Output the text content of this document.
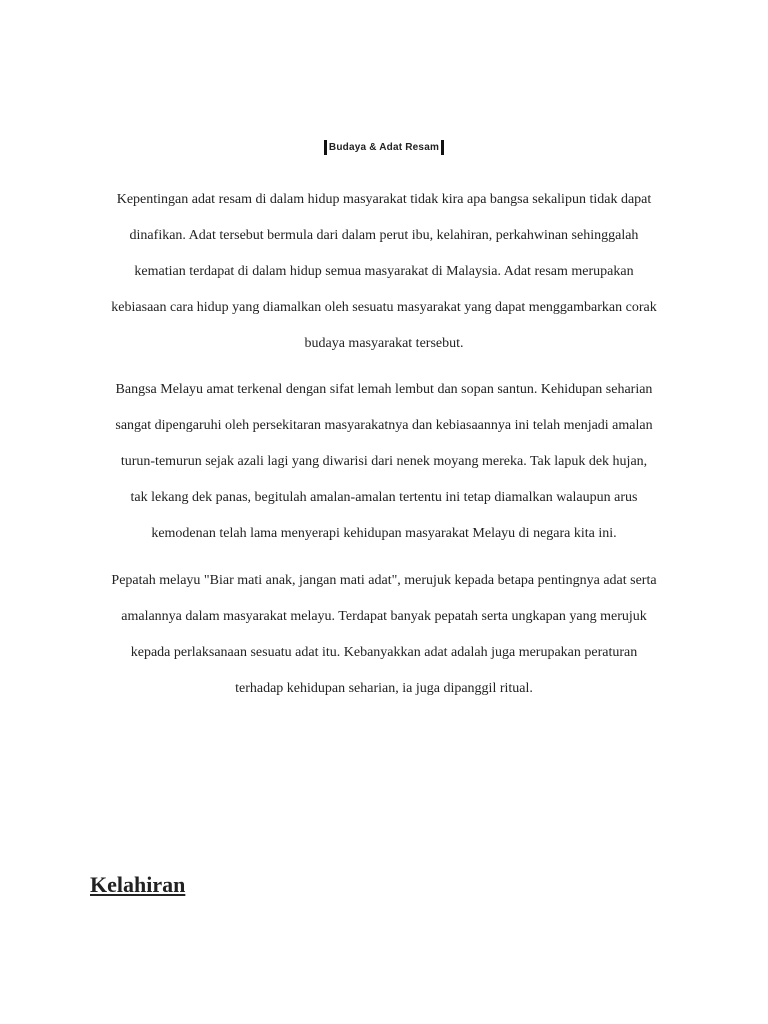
Budaya & Adat Resam

Kepentingan adat resam di dalam hidup masyarakat tidak kira apa bangsa sekalipun tidak dapat
dinafikan. Adat tersebut bermula dari dalam perut ibu, kelahiran, perkahwinan sehinggalah
kematian terdapat di dalam hidup semua masyarakat di Malaysia. Adat resam merupakan
kebiasaan cara hidup yang diamalkan oleh sesuatu masyarakat yang dapat menggambarkan corak
budaya masyarakat tersebut.

Bangsa Melayu amat terkenal dengan sifat lemah lembut dan sopan santun. Kehidupan seharian
sangat dipengaruhi oleh persekitaran masyarakatnya dan kebiasaannya ini telah menjadi amalan
turun-temurun sejak azali lagi yang diwarisi dari nenek moyang mereka. Tak lapuk dek hujan,
tak lekang dek panas, begitulah amalan-amalan tertentu ini tetap diamalkan walaupun arus
kemodenan telah lama menyerapi kehidupan masyarakat Melayu di negara kita ini.

Pepatah melayu "Biar mati anak, jangan mati adat", merujuk kepada betapa pentingnya adat serta
amalannya dalam masyarakat melayu. Terdapat banyak pepatah serta ungkapan yang merujuk
kepada perlaksanaan sesuatu adat itu. Kebanyakkan adat adalah juga merupakan peraturan
terhadap kehidupan seharian, ia juga dipanggil ritual.

Kelahiran
